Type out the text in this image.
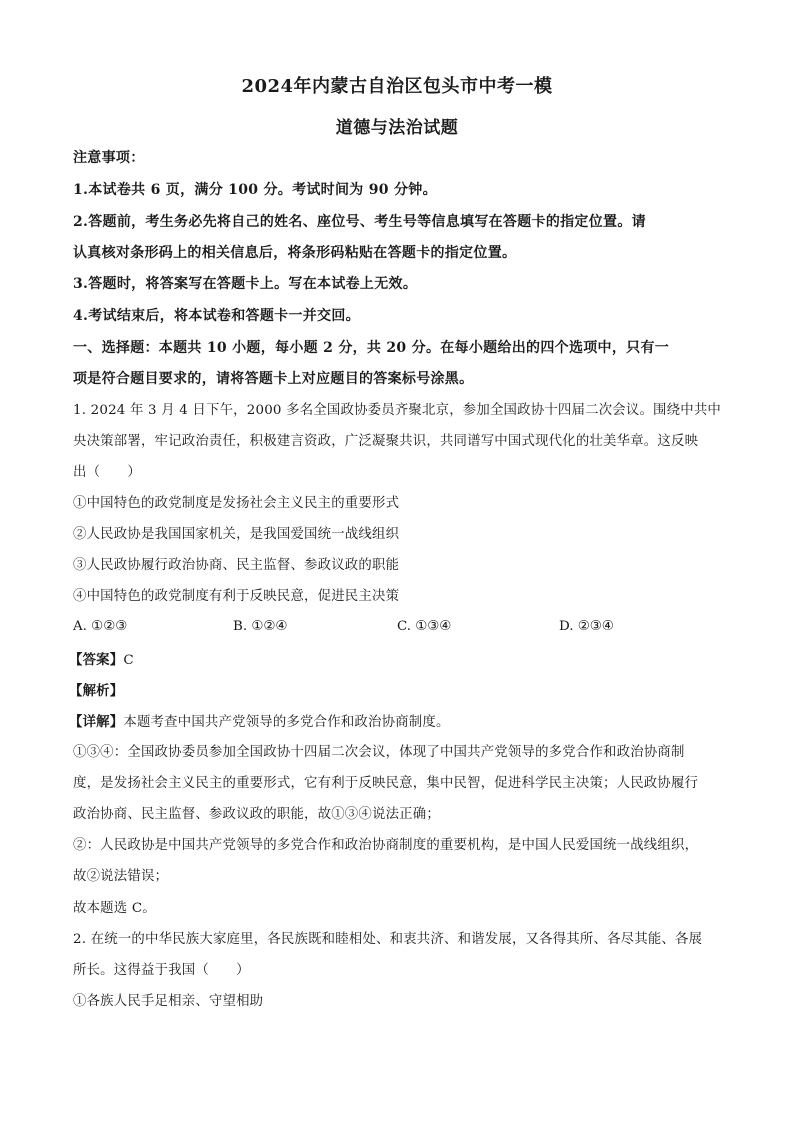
2024年内蒙古自治区包头市中考一模
道德与法治试题
注意事项：
1.本试卷共 6 页，满分 100 分。考试时间为 90 分钟。
2.答题前，考生务必先将自己的姓名、座位号、考生号等信息填写在答题卡的指定位置。请
认真核对条形码上的相关信息后，将条形码粘贴在答题卡的指定位置。
3.答题时，将答案写在答题卡上。写在本试卷上无效。
4.考试结束后，将本试卷和答题卡一并交回。
一、选择题：本题共 10 小题，每小题 2 分，共 20 分。在每小题给出的四个选项中，只有一
项是符合题目要求的，请将答题卡上对应题目的答案标号涂黑。
1. 2024 年 3 月 4 日下午，2000 多名全国政协委员齐聚北京，参加全国政协十四届二次会议。围绕中共中
央决策部署，牢记政治责任，积极建言资政，广泛凝聚共识，共同谱写中国式现代化的壮美华章。这反映
出（　　）
①中国特色的政党制度是发扬社会主义民主的重要形式
②人民政协是我国国家机关，是我国爱国统一战线组织
③人民政协履行政治协商、民主监督、参政议政的职能
④中国特色的政党制度有利于反映民意，促进民主决策
A. ①②③	B. ①②④	C. ①③④	D. ②③④
【答案】C
【解析】
【详解】本题考查中国共产党领导的多党合作和政治协商制度。
①③④：全国政协委员参加全国政协十四届二次会议，体现了中国共产党领导的多党合作和政治协商制
度，是发扬社会主义民主的重要形式，它有利于反映民意，集中民智，促进科学民主决策；人民政协履行
政治协商、民主监督、参政议政的职能，故①③④说法正确；
②：人民政协是中国共产党领导的多党合作和政治协商制度的重要机构，是中国人民爱国统一战线组织，
故②说法错误；
故本题选 C。
2. 在统一的中华民族大家庭里，各民族既和睦相处、和衷共济、和谐发展，又各得其所、各尽其能、各展
所长。这得益于我国（　　）
①各族人民手足相亲、守望相助
